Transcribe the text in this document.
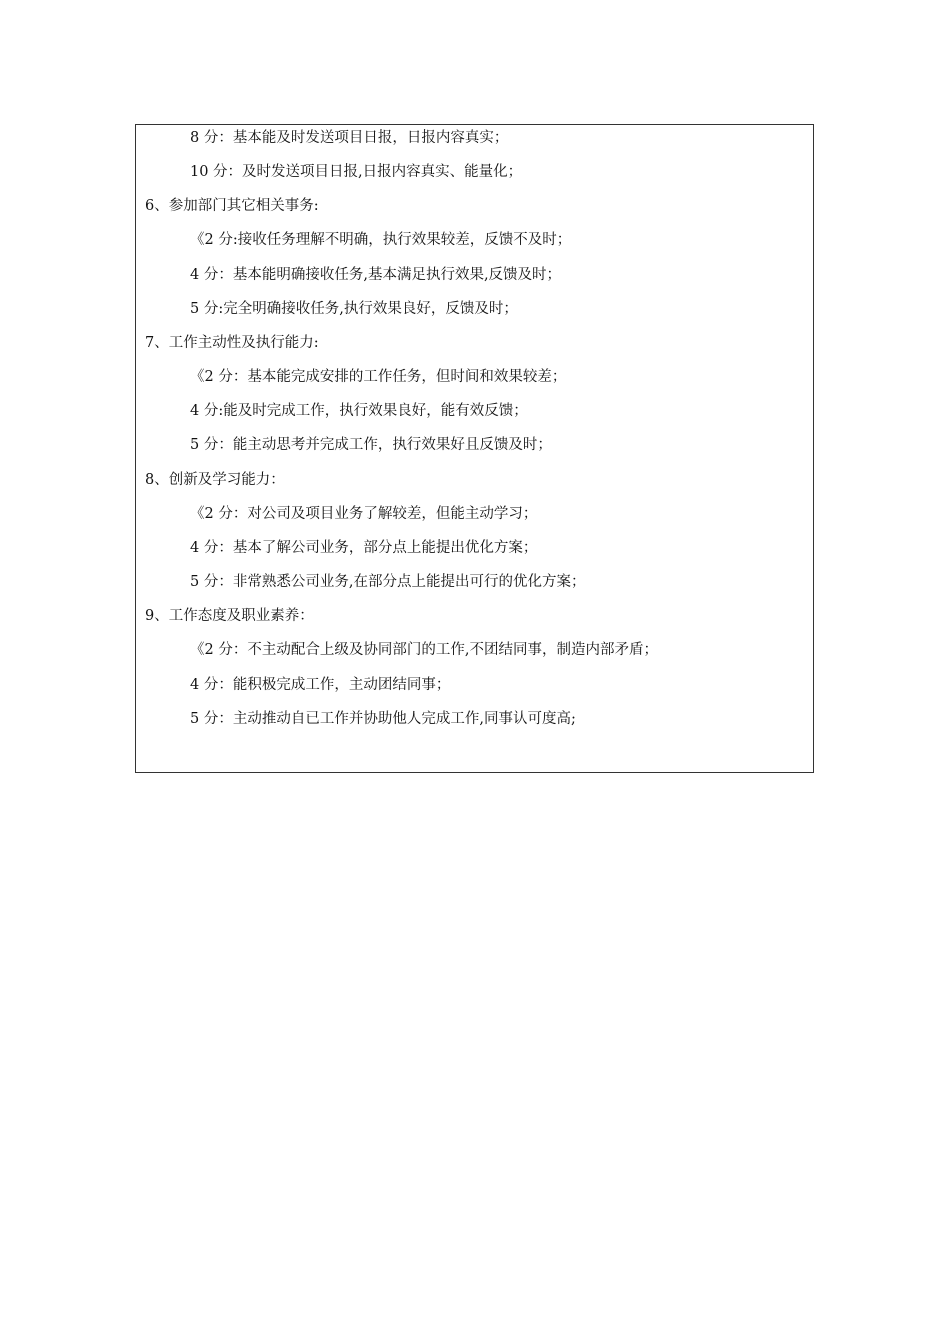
8 分：基本能及时发送项目日报，日报内容真实；
10 分：及时发送项目日报,日报内容真实、能量化；
6、参加部门其它相关事务:
《2 分:接收任务理解不明确，执行效果较差，反馈不及时；
4 分：基本能明确接收任务,基本满足执行效果,反馈及时；
5 分:完全明确接收任务,执行效果良好，反馈及时；
7、工作主动性及执行能力:
《2 分：基本能完成安排的工作任务，但时间和效果较差；
4 分:能及时完成工作，执行效果良好，能有效反馈；
5 分：能主动思考并完成工作，执行效果好且反馈及时；
8、创新及学习能力：
《2 分：对公司及项目业务了解较差，但能主动学习；
4 分：基本了解公司业务，部分点上能提出优化方案；
5 分：非常熟悉公司业务,在部分点上能提出可行的优化方案；
9、工作态度及职业素养：
《2 分：不主动配合上级及协同部门的工作,不团结同事，制造内部矛盾；
4 分：能积极完成工作，主动团结同事；
5 分：主动推动自已工作并协助他人完成工作,同事认可度高;
